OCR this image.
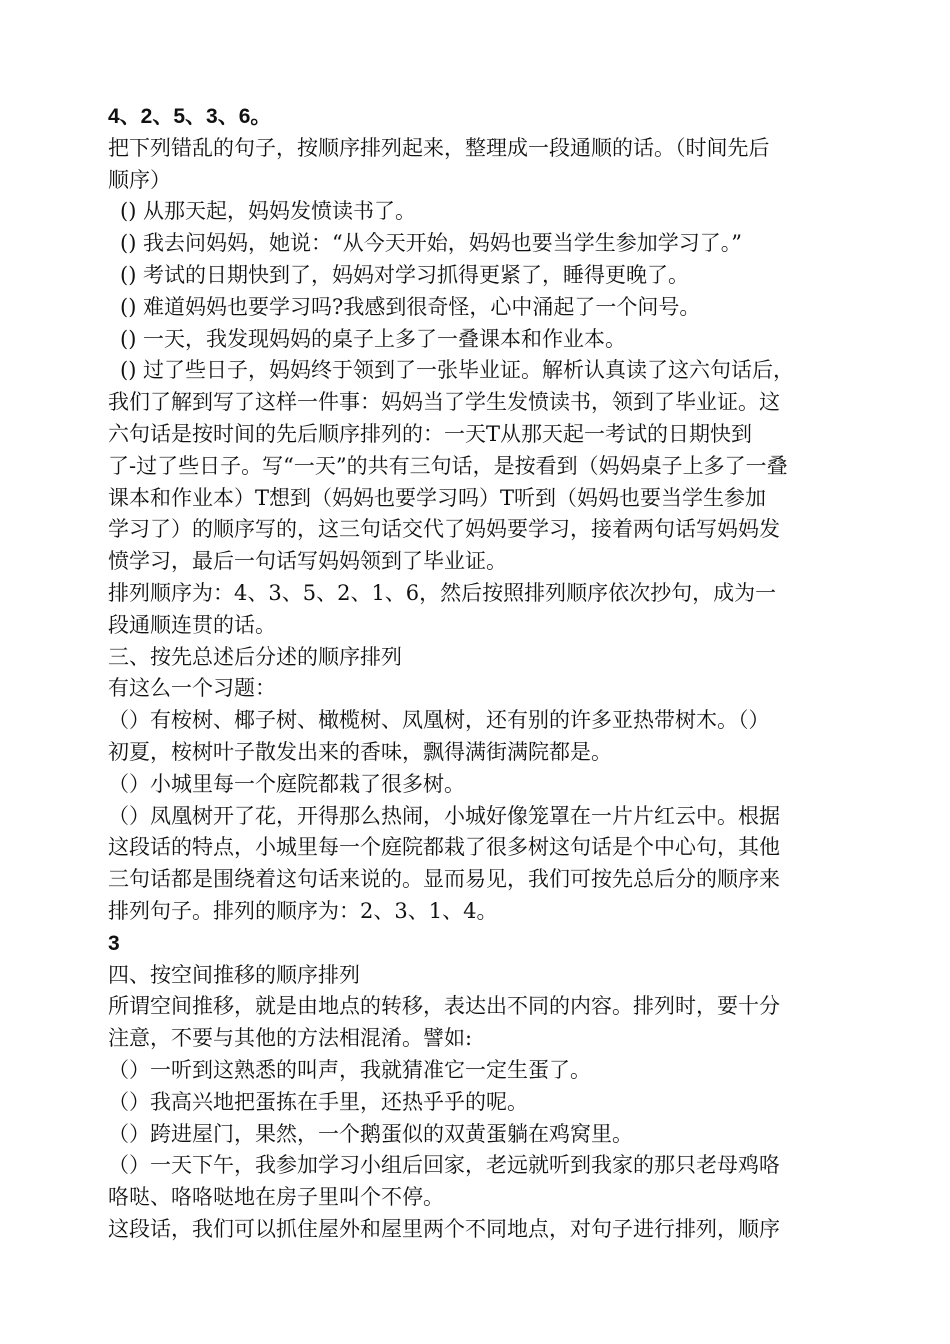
4、2、5、3、6。
把下列错乱的句子，按顺序排列起来，整理成一段通顺的话。（时间先后
顺序）
() 从那天起，妈妈发愤读书了。
() 我去问妈妈，她说：“从今天开始，妈妈也要当学生参加学习了。”
() 考试的日期快到了，妈妈对学习抓得更紧了，睡得更晚了。
() 难道妈妈也要学习吗?我感到很奇怪，心中涌起了一个问号。
() 一天，我发现妈妈的桌子上多了一叠课本和作业本。
() 过了些日子，妈妈终于领到了一张毕业证。解析认真读了这六句话后，
我们了解到写了这样一件事：妈妈当了学生发愤读书，领到了毕业证。这
六句话是按时间的先后顺序排列的：一天T从那天起一考试的日期快到
了-过了些日子。写“一天”的共有三句话，是按看到（妈妈桌子上多了一叠
课本和作业本）T想到（妈妈也要学习吗）T听到（妈妈也要当学生参加
学习了）的顺序写的，这三句话交代了妈妈要学习，接着两句话写妈妈发
愤学习，最后一句话写妈妈领到了毕业证。
排列顺序为：4、3、5、2、1、6，然后按照排列顺序依次抄句，成为一
段通顺连贯的话。
三、按先总述后分述的顺序排列
有这么一个习题：
（）有桉树、椰子树、橄榄树、凤凰树，还有别的许多亚热带树木。（）
初夏，桉树叶子散发出来的香味，飘得满街满院都是。
（）小城里每一个庭院都栽了很多树。
（）凤凰树开了花，开得那么热闹，小城好像笼罩在一片片红云中。根据
这段话的特点，小城里每一个庭院都栽了很多树这句话是个中心句，其他
三句话都是围绕着这句话来说的。显而易见，我们可按先总后分的顺序来
排列句子。排列的顺序为：2、3、1、4。
3
四、按空间推移的顺序排列
所谓空间推移，就是由地点的转移，表达出不同的内容。排列时，要十分
注意，不要与其他的方法相混淆。譬如:
（）一听到这熟悉的叫声，我就猜准它一定生蛋了。
（）我高兴地把蛋拣在手里，还热乎乎的呢。
（）跨进屋门，果然，一个鹅蛋似的双黄蛋躺在鸡窝里。
（）一天下午，我参加学习小组后回家，老远就听到我家的那只老母鸡咯
咯哒、咯咯哒地在房子里叫个不停。
这段话，我们可以抓住屋外和屋里两个不同地点，对句子进行排列，顺序
